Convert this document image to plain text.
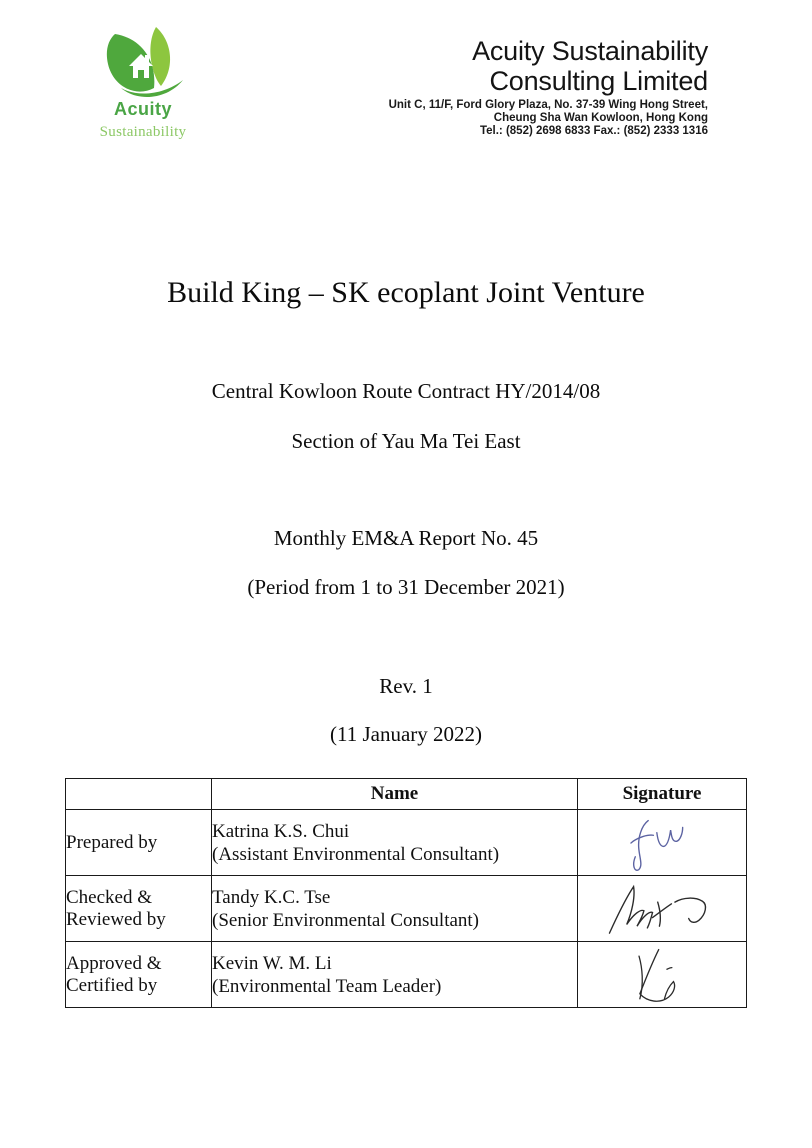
Acuity
Sustainability
Acuity Sustainability
Consulting Limited
Unit C, 11/F, Ford Glory Plaza, No. 37-39 Wing Hong Street,
Cheung Sha Wan Kowloon, Hong Kong
Tel.: (852) 2698 6833 Fax.: (852) 2333 1316
Build King – SK ecoplant Joint Venture
Central Kowloon Route Contract HY/2014/08
Section of Yau Ma Tei East
Monthly EM&A Report No. 45
(Period from 1 to 31 December 2021)
Rev. 1
(11 January 2022)
	Name	Signature
Prepared by	Katrina K.S. Chui
(Assistant Environmental Consultant)

Checked & Reviewed by	Tandy K.C. Tse
(Senior Environmental Consultant)

Approved & Certified by	Kevin W. M. Li
(Environmental Team Leader)
